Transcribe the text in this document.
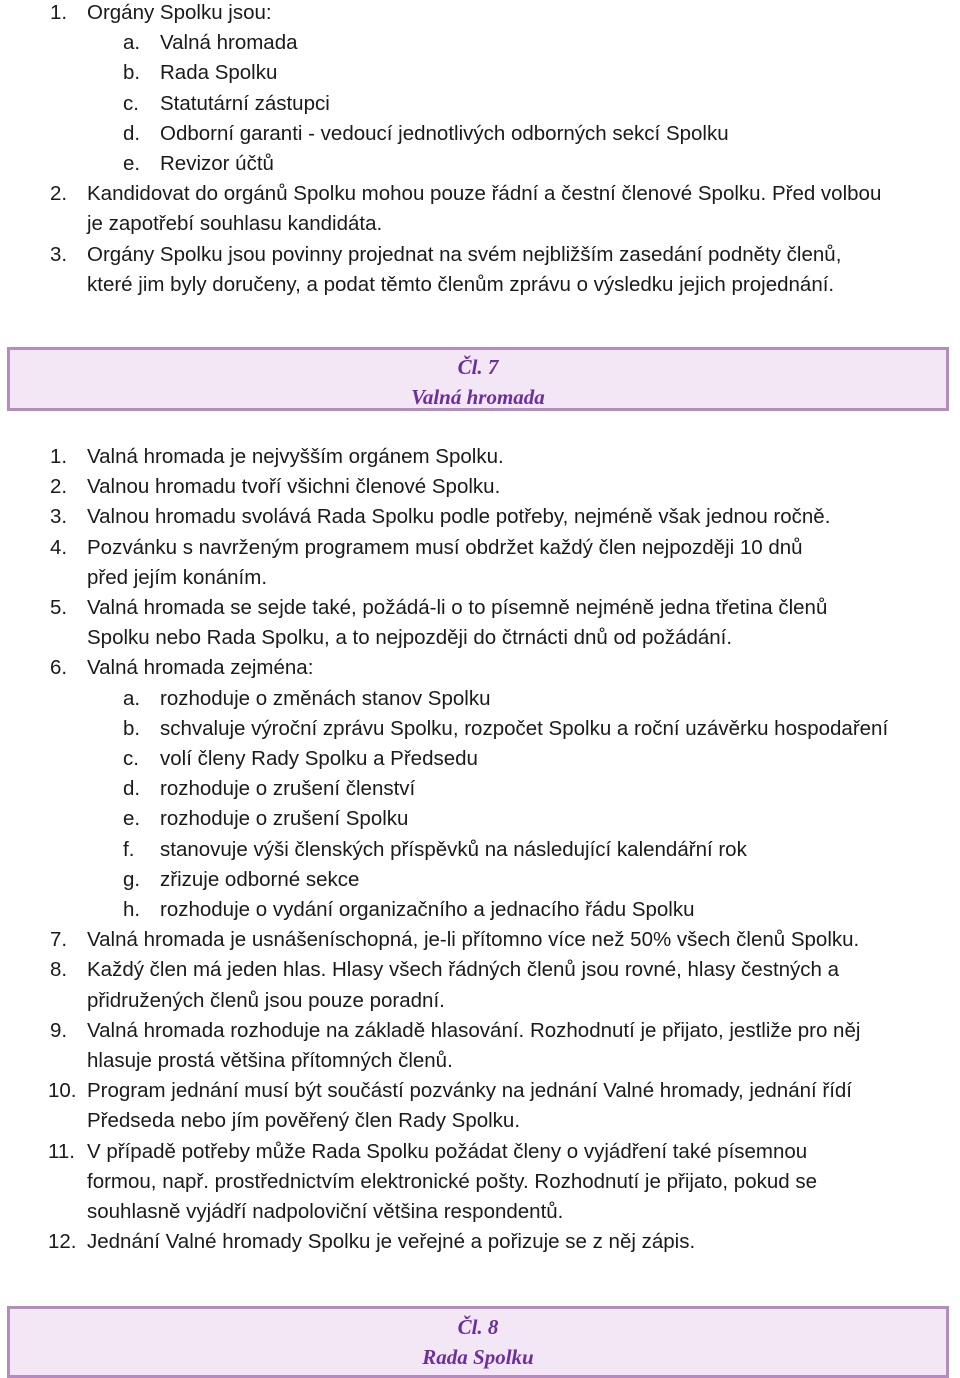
1. Orgány Spolku jsou:
a. Valná hromada
b. Rada Spolku
c. Statutární zástupci
d. Odborní garanti - vedoucí jednotlivých odborných sekcí Spolku
e. Revizor účtů
2. Kandidovat do orgánů Spolku mohou pouze řádní a čestní členové Spolku. Před volbou
je zapotřebí souhlasu kandidáta.
3. Orgány Spolku jsou povinny projednat na svém nejbližším zasedání podněty členů,
které jim byly doručeny, a podat těmto členům zprávu o výsledku jejich projednání.
Čl. 7
Valná hromada
1. Valná hromada je nejvyšším orgánem Spolku.
2. Valnou hromadu tvoří všichni členové Spolku.
3. Valnou hromadu svolává Rada Spolku podle potřeby, nejméně však jednou ročně.
4. Pozvánku s navrženým programem musí obdržet každý člen nejpozději 10 dnů
před jejím konáním.
5. Valná hromada se sejde také, požádá-li o to písemně nejméně jedna třetina členů
Spolku nebo Rada Spolku, a to nejpozději do čtrnácti dnů od požádání.
6. Valná hromada zejména:
a. rozhoduje o změnách stanov Spolku
b. schvaluje výroční zprávu Spolku, rozpočet Spolku a roční uzávěrku hospodaření
c. volí členy Rady Spolku a Předsedu
d. rozhoduje o zrušení členství
e. rozhoduje o zrušení Spolku
f. stanovuje výši členských příspěvků na následující kalendářní rok
g. zřizuje odborné sekce
h. rozhoduje o vydání organizačního a jednacího řádu Spolku
7. Valná hromada je usnášeníschopná, je-li přítomno více než 50% všech členů Spolku.
8. Každý člen má jeden hlas. Hlasy všech řádných členů jsou rovné, hlasy čestných a
přidružených členů jsou pouze poradní.
9. Valná hromada rozhoduje na základě hlasování. Rozhodnutí je přijato, jestliže pro něj
hlasuje prostá většina přítomných členů.
10. Program jednání musí být součástí pozvánky na jednání Valné hromady, jednání řídí
Předseda nebo jím pověřený člen Rady Spolku.
11. V případě potřeby může Rada Spolku požádat členy o vyjádření také písemnou
formou, např. prostřednictvím elektronické pošty. Rozhodnutí je přijato, pokud se
souhlasně vyjádří nadpoloviční většina respondentů.
12. Jednání Valné hromady Spolku je veřejné a pořizuje se z něj zápis.
Čl. 8
Rada Spolku
